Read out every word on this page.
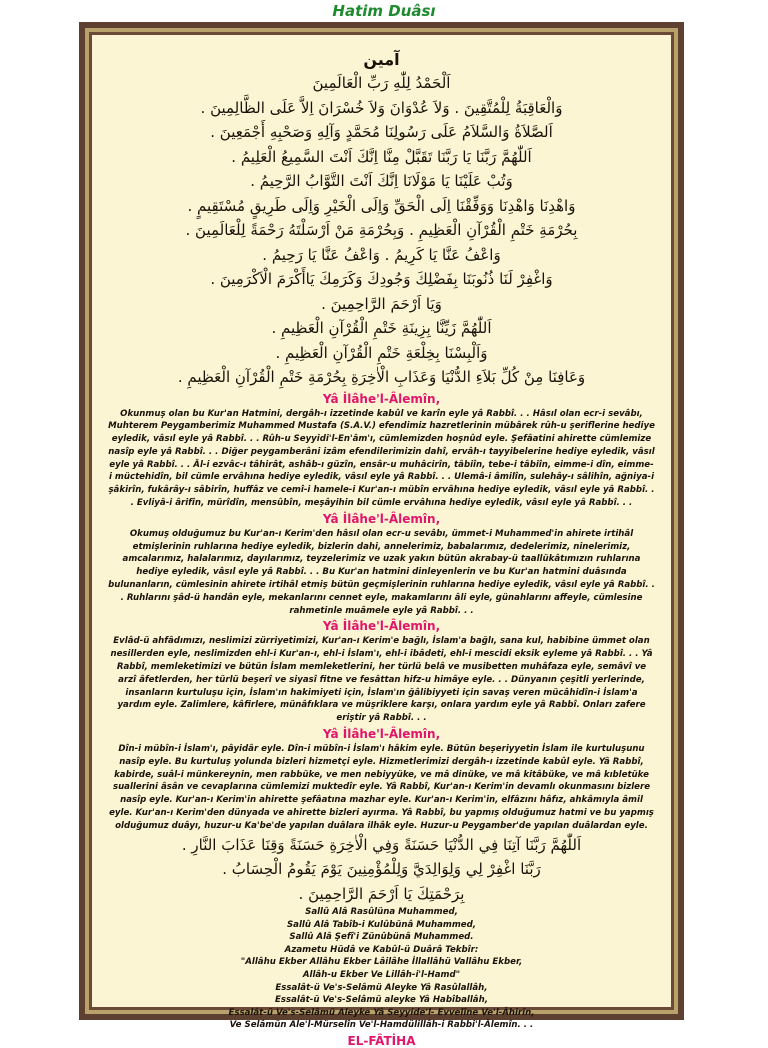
Hatim Duâsı

آمين

اَلْحَمْدُ لِلّٰهِ رَبِّ الْعَالَمِينَ

وَالْعَاقِبَةُ لِلْمُتَّقِينَ . وَلاَ عُدْوَانَ وَلاَ خُسْرَانَ اِلاَّ عَلَى الظَّالِمِينَ .

اَلصَّلاَةُ وَالسَّلاَمُ عَلَى رَسُولِنَا مُحَمَّدٍ وَآلِهِ وَصَحْبِهِ أَجْمَعِينَ .

اَللّٰهُمَّ رَبَّنَا يَا رَبَّنَا تَقَبَّلْ مِنَّا اِنَّكَ اَنْتَ السَّمِيعُ الْعَلِيمُ .

وَتُبْ عَلَيْنَا يَا مَوْلَانَا اِنَّكَ اَنْتَ التَّوَّابُ الرَّحِيمُ .

وَاهْدِنَا وَاهْدِنَا وَوَفِّقْنَا اِلَى الْحَقِّ وَاِلَى الْخَيْرِ وَاِلَى طَرِيقٍ مُسْتَقِيمٍ .

بِحُرْمَةِ خَتْمِ الْقُرْآنِ الْعَظِيمِ . وَبِحُرْمَةِ مَنْ اَرْسَلْتَهُ رَحْمَةً لِلْعَالَمِينَ .

وَاعْفُ عَنَّا يَا كَرِيمُ . وَاعْفُ عَنَّا يَا رَحِيمُ .

وَاغْفِرْ لَنَا ذُنُوبَنَا بِفَضْلِكَ وَجُودِكَ وَكَرَمِكَ يَاأَكْرَمَ الْاَكْرَمِينَ .

وَيَا اَرْحَمَ الرَّاحِمِينَ .

اَللّٰهُمَّ زَيِّنَّا بِزِينَةِ خَتْمِ الْقُرْآنِ الْعَظِيمِ .

وَاَلْبِسْنَا بِخِلْعَةِ خَتْمِ الْقُرْآنِ الْعَظِيمِ .

وَعَافِنَا مِنْ كُلِّ بَلاَءِ الدُّنْيَا وَعَذَابِ الْاٰخِرَةِ بِحُرْمَةِ خَتْمِ الْقُرْآنِ الْعَظِيمِ .

Yâ İlâhe'l-Âlemîn,

Okunmuş olan bu Kur'an Hatmini, dergâh-ı izzetinde kabûl ve karîn eyle yâ Rabbî. . . Hâsıl olan ecr-i sevâbı, Muhterem Peygamberimiz Muhammed Mustafa (S.A.V.) efendimiz hazretlerinin mübârek rûh-u şeriflerine hediye eyledik, vâsıl eyle yâ Rabbî. . . Rûh-u Seyyidi'l-En'âm'ı, cümlemizden hoşnûd eyle. Şefâatini ahirette cümlemize nasîp eyle yâ Rabbî. . . Diğer peygamberâni izâm efendilerimizin dahî, ervâh-ı tayyibelerine hediye eyledik, vâsıl eyle yâ Rabbî. . . Âl-i ezvâc-ı tâhirât, ashâb-ı güzîn, ensâr-u muhâcirîn, tâbiîn, tebe-i tâbiîn, eimme-i dîn, eimme-i müctehidîn, bil cümle ervâhına hediye eyledik, vâsıl eyle yâ Rabbî. . . Ulemâ-i âmilîn, sulehây-ı sâlihîn, ağniya-i şâkirîn, fukârây-ı sâbirîn, huffâz ve cemî-i hamele-i Kur'an-ı mübîn ervâhına hediye eyledik, vâsıl eyle yâ Rabbî. . . Evliyâ-i ârifîn, mürîdîn, mensûbîn, meşâyihin bil cümle ervâhına hediye eyledik, vâsıl eyle yâ Rabbî. . .

Yâ İlâhe'l-Âlemîn,

Okumuş olduğumuz bu Kur'an-ı Kerim'den hâsıl olan ecr-u sevâbı, ümmet-i Muhammed'in ahirete irtihâl etmişlerinin ruhlarına hediye eyledik, bizlerin dahi, annelerimiz, babalarımız, dedelerimiz, ninelerimiz, amcalarımız, halalarımız, dayılarımız, teyzelerimiz ve uzak yakın bütün akrabay-ü taallükâtımızın ruhlarına hediye eyledik, vâsıl eyle yâ Rabbî. . . Bu Kur'an hatmini dinleyenlerin ve bu Kur'an hatmini duâsında bulunanların, cümlesinin ahirete irtihâl etmiş bütün geçmişlerinin ruhlarına hediye eyledik, vâsıl eyle yâ Rabbî. . . Ruhlarını şâd-ü handân eyle, mekanlarını cennet eyle, makamlarını âli eyle, günahlarını affeyle, cümlesine rahmetinle muâmele eyle yâ Rabbî. . .

Yâ İlâhe'l-Âlemîn,

Evlâd-ü ahfâdımızı, neslimizi zürriyetimizi, Kur'an-ı Kerim'e bağlı, İslam'a bağlı, sana kul, habibine ümmet olan nesillerden eyle, neslimizden ehl-i Kur'an-ı, ehl-i İslam'ı, ehl-i ibâdeti, ehl-i mescidi eksik eyleme yâ Rabbî. . . Yâ Rabbî, memleketimizi ve bütün İslam memleketlerini, her türlü belâ ve musibetten muhâfaza eyle, semâvî ve arzî âfetlerden, her türlü beşerî ve siyasî fitne ve fesâttan hifz-u himâye eyle. . . Dünyanın çeşitli yerlerinde, insanların kurtuluşu için, İslam'ın hakimiyeti için, İslam'ın ğâlibiyyeti için savaş veren mücâhidîn-i İslam'a yardım eyle. Zalimlere, kâfirlere, münâfıklara ve müşriklere karşı, onlara yardım eyle yâ Rabbî. Onları zafere eriştir yâ Rabbî. . .

Yâ İlâhe'l-Âlemîn,

Dîn-i mübîn-i İslam'ı, pâyidâr eyle. Dîn-i mübîn-i İslam'ı hâkim eyle. Bütün beşeriyyetin İslam ile kurtuluşunu nasîp eyle. Bu kurtuluş yolunda bizleri hizmetçi eyle. Hizmetlerimizi dergâh-ı izzetinde kabûl eyle. Yâ Rabbî, kabirde, suâl-i münkereynin, men rabbüke, ve men nebiyyüke, ve mâ dinüke, ve mâ kitâbüke, ve mâ kıbletüke suallerini âsân ve cevaplarına cümlemizi muktedîr eyle. Yâ Rabbî, Kur'an-ı Kerim'in devamlı okunmasını bizlere nasîp eyle. Kur'an-ı Kerim'in ahirette şefâatına mazhar eyle. Kur'an-ı Kerim'in, elfâzını hâfız, ahkâmıyla âmil eyle. Kur'an-ı Kerim'den dünyada ve ahirette bizleri ayırma. Yâ Rabbî, bu yapmış olduğumuz hatmi ve bu yapmış olduğumuz duâyı, huzur-u Ka'be'de yapılan duâlara ilhâk eyle. Huzur-u Peygamber'de yapılan duâlardan eyle.

اَللّٰهُمَّ رَبَّنَا آتِنَا فِي الدُّنْيَا حَسَنَةً وَفِي الْاٰخِرَةِ حَسَنَةً وَقِنَا عَذَابَ النَّارِ .

رَبَّنَا اغْفِرْ لِي وَلِوَالِدَيَّ وَلِلْمُؤْمِنِينَ يَوْمَ يَقُومُ الْحِسَابُ .

بِرَحْمَتِكَ يَا اَرْحَمَ الرَّاحِمِينَ .

Sallû Alâ Rasûlüna Muhammed,

Sallû Alâ Tabîb-i Kulûbünâ Muhammed,

Sallû Alâ Şefî'i Zünûbünâ Muhammed.

Azametu Hüdâ ve Kabûl-ü Duârâ Tekbîr:

"Allâhu Ekber Allâhu Ekber Lâilâhe İllallâhü Vallâhu Ekber,

Allâh-u Ekber Ve Lillâh-i'l-Hamd"

Essalât-ü Ve's-Selâmü Aleyke Yâ Rasûlallâh,

Essalât-ü Ve's-Selâmü aleyke Yâ Habîballâh,

Essalât-ü Ve's-Selâmü Aleyke Yâ Seyyide'l- Evvelîne Ve'l-Âhirîn,

Ve Selâmün Ale'l-Mürselîn Ve'l-Hamdülillâh-i Rabbi'l-Âlemîn. . .

EL-FÂTİHA
